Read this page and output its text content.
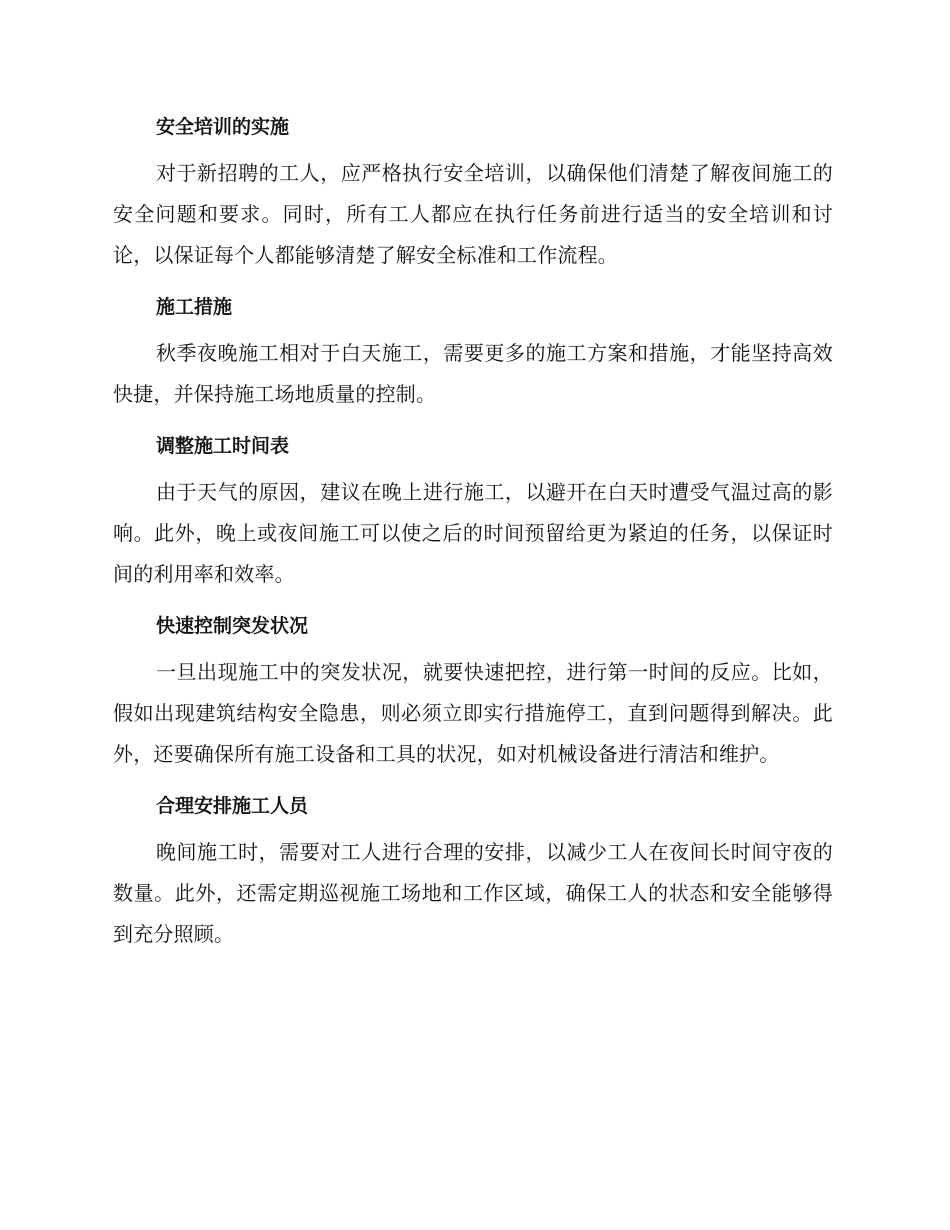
安全培训的实施

对于新招聘的工人，应严格执行安全培训，以确保他们清楚了解夜间施工的安全问题和要求。同时，所有工人都应在执行任务前进行适当的安全培训和讨论，以保证每个人都能够清楚了解安全标准和工作流程。

施工措施

秋季夜晚施工相对于白天施工，需要更多的施工方案和措施，才能坚持高效快捷，并保持施工场地质量的控制。

调整施工时间表

由于天气的原因，建议在晚上进行施工，以避开在白天时遭受气温过高的影响。此外，晚上或夜间施工可以使之后的时间预留给更为紧迫的任务，以保证时间的利用率和效率。

快速控制突发状况

一旦出现施工中的突发状况，就要快速把控，进行第一时间的反应。比如，假如出现建筑结构安全隐患，则必须立即实行措施停工，直到问题得到解决。此外，还要确保所有施工设备和工具的状况，如对机械设备进行清洁和维护。

合理安排施工人员

晚间施工时，需要对工人进行合理的安排，以减少工人在夜间长时间守夜的数量。此外，还需定期巡视施工场地和工作区域，确保工人的状态和安全能够得到充分照顾。
